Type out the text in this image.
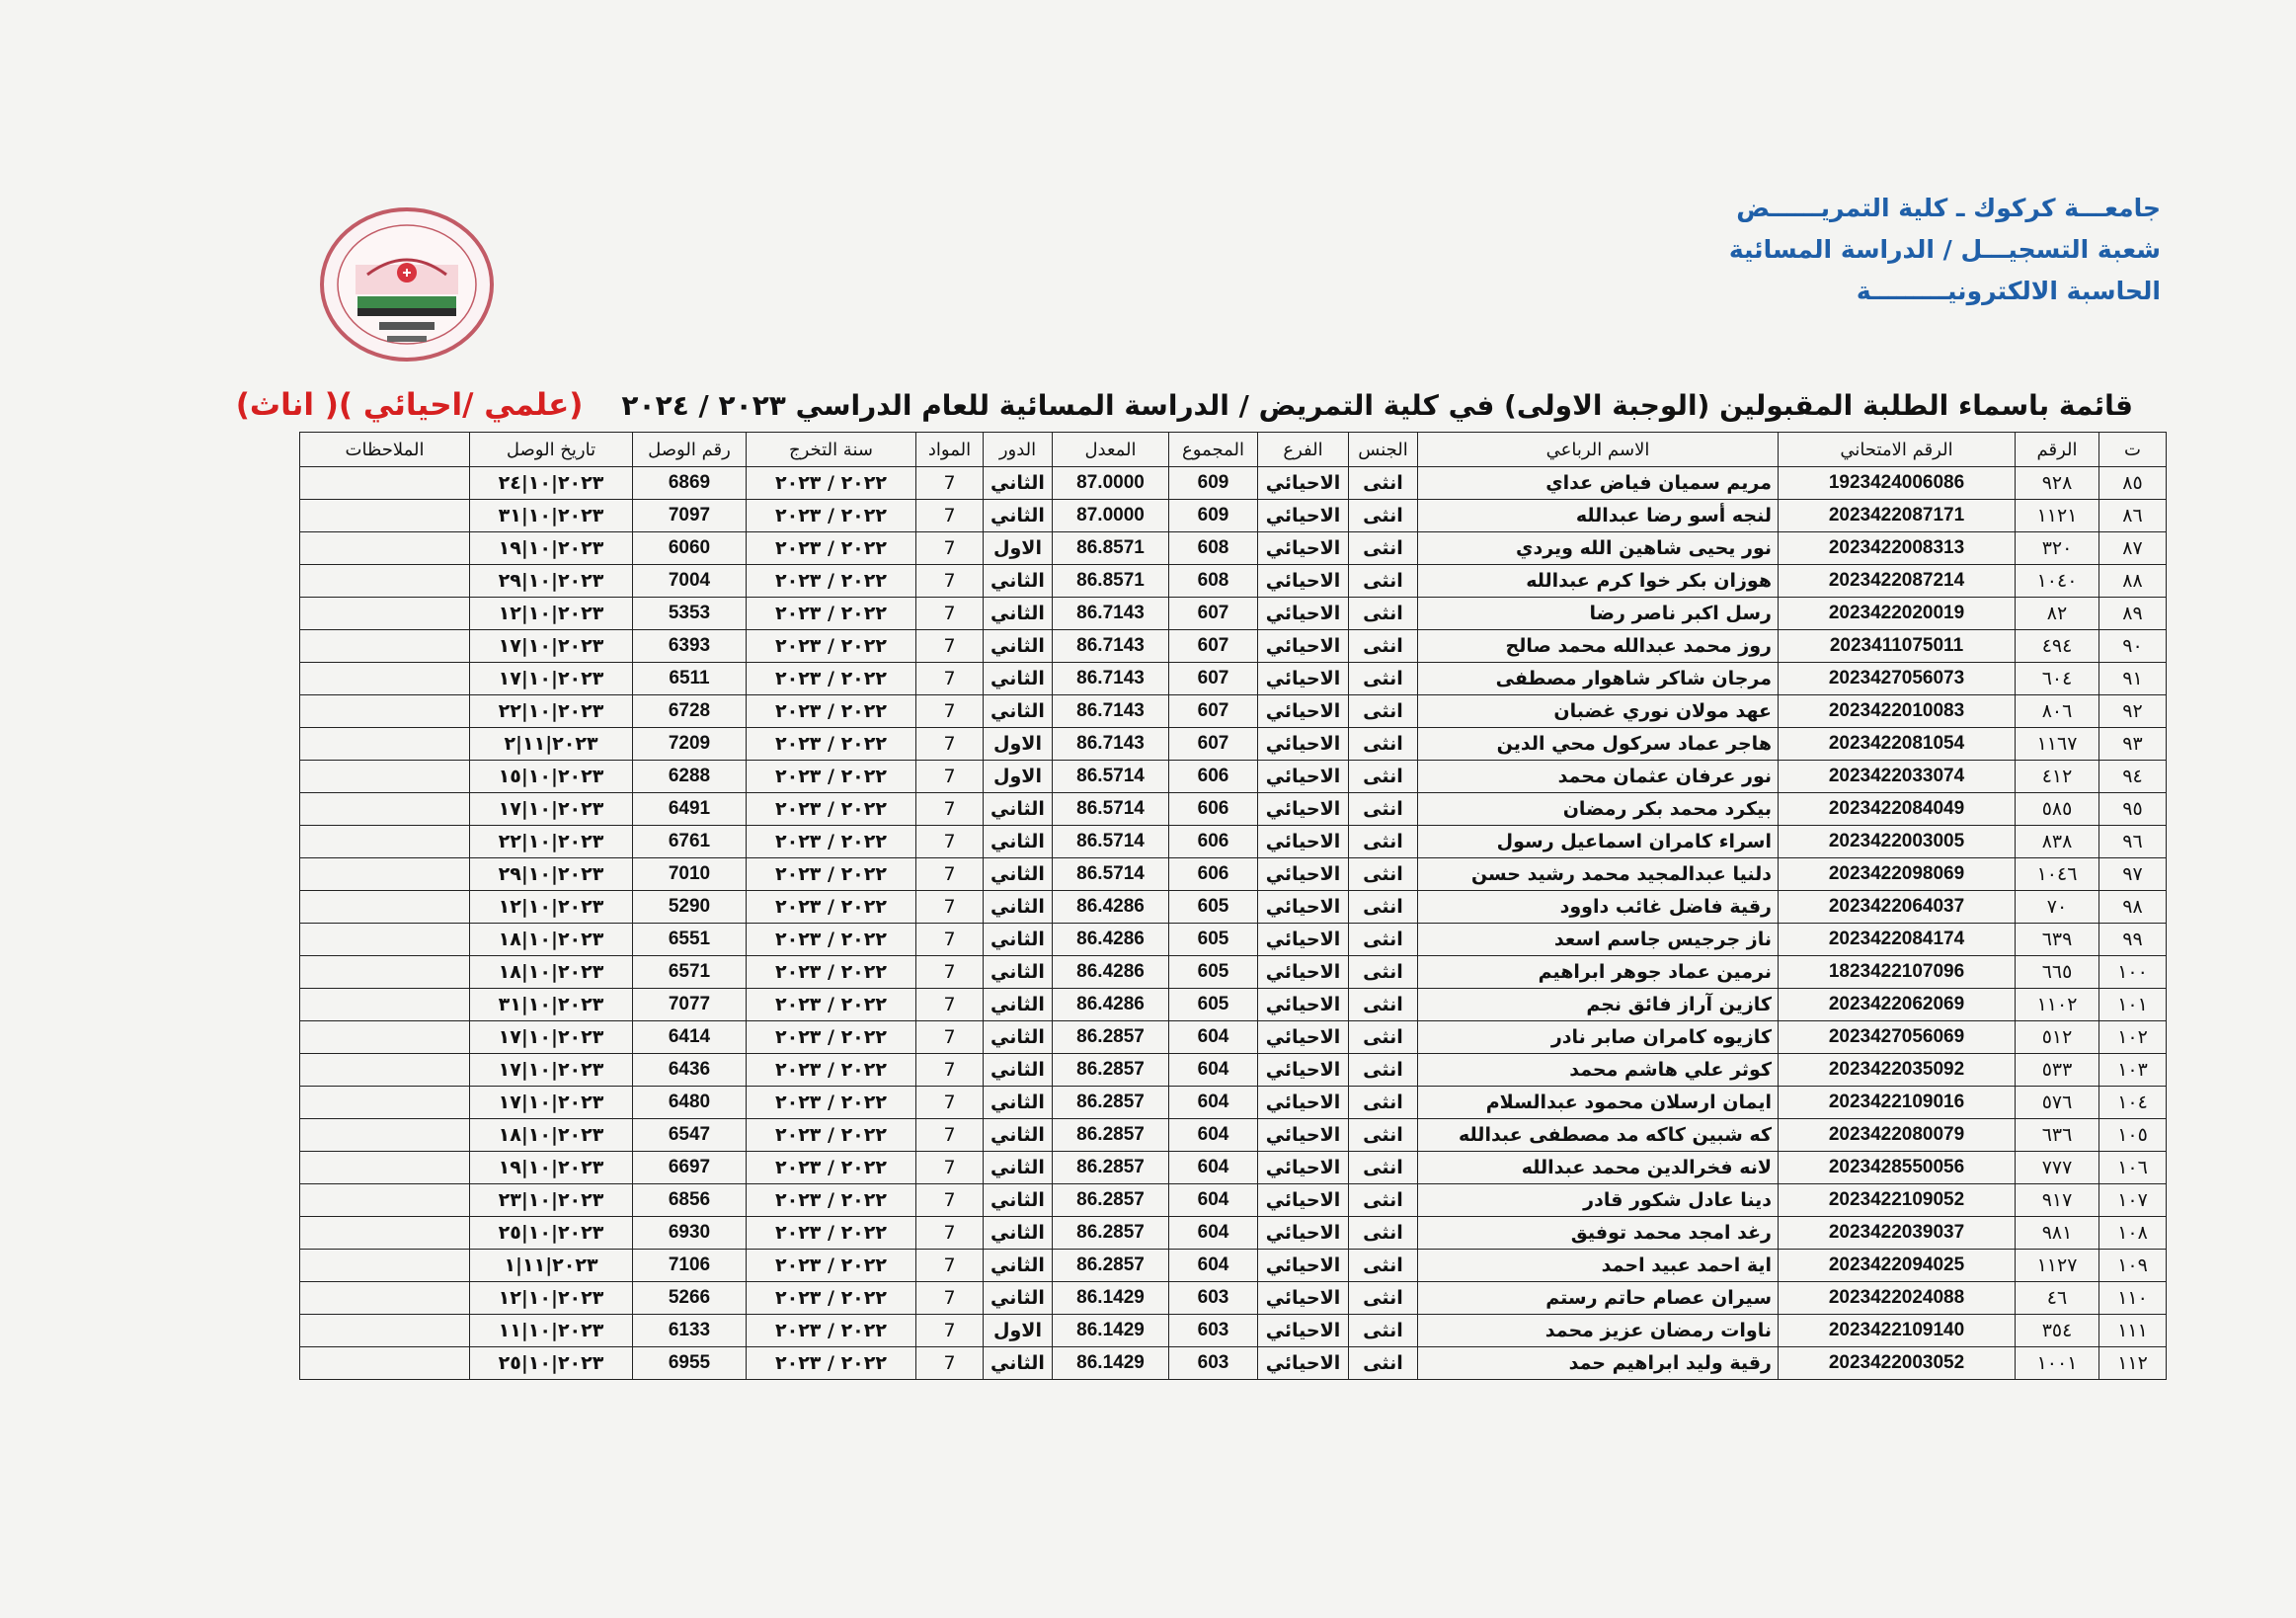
جامعـــة كركوك ـ كلية التمريــــــض
شعبة التسجيـــل / الدراسة المسائية
الحاسبة الالكترونيـــــــــة
قائمة باسماء الطلبة المقبولين (الوجبة الاولى) في كلية التمريض / الدراسة المسائية للعام الدراسي ٢٠٢٣ / ٢٠٢٤    (علمي /احيائي )( اناث)
ت	الرقم	الرقم الامتحاني	الاسم الرباعي	الجنس	الفرع	المجموع	المعدل	الدور	المواد	سنة التخرج	رقم الوصل	تاريخ الوصل	الملاحظات
٨٥	٩٢٨	1923424006086	مريم سميان فياض عداي	انثى	الاحيائي	609	87.0000	الثاني	7	٢٠٢٢ / ٢٠٢٣	6869	٢٠٢٣|١٠|٢٤	
٨٦	١١٢١	2023422087171	لنجه أسو رضا عبدالله	انثى	الاحيائي	609	87.0000	الثاني	7	٢٠٢٢ / ٢٠٢٣	7097	٢٠٢٣|١٠|٣١	
٨٧	٣٢٠	2023422008313	نور يحيى شاهين الله ويردي	انثى	الاحيائي	608	86.8571	الاول	7	٢٠٢٢ / ٢٠٢٣	6060	٢٠٢٣|١٠|١٩	
٨٨	١٠٤٠	2023422087214	هوزان بكر خوا كرم عبدالله	انثى	الاحيائي	608	86.8571	الثاني	7	٢٠٢٢ / ٢٠٢٣	7004	٢٠٢٣|١٠|٢٩	
٨٩	٨٢	2023422020019	رسل اكبر ناصر رضا	انثى	الاحيائي	607	86.7143	الثاني	7	٢٠٢٢ / ٢٠٢٣	5353	٢٠٢٣|١٠|١٢	
٩٠	٤٩٤	2023411075011	روز محمد عبدالله محمد صالح	انثى	الاحيائي	607	86.7143	الثاني	7	٢٠٢٢ / ٢٠٢٣	6393	٢٠٢٣|١٠|١٧	
٩١	٦٠٤	2023427056073	مرجان شاكر شاهوار مصطفى	انثى	الاحيائي	607	86.7143	الثاني	7	٢٠٢٢ / ٢٠٢٣	6511	٢٠٢٣|١٠|١٧	
٩٢	٨٠٦	2023422010083	عهد مولان نوري غضبان	انثى	الاحيائي	607	86.7143	الثاني	7	٢٠٢٢ / ٢٠٢٣	6728	٢٠٢٣|١٠|٢٢	
٩٣	١١٦٧	2023422081054	هاجر عماد سركول محي الدين	انثى	الاحيائي	607	86.7143	الاول	7	٢٠٢٢ / ٢٠٢٣	7209	٢٠٢٣|١١|٢	
٩٤	٤١٢	2023422033074	نور عرفان عثمان محمد	انثى	الاحيائي	606	86.5714	الاول	7	٢٠٢٢ / ٢٠٢٣	6288	٢٠٢٣|١٠|١٥	
٩٥	٥٨٥	2023422084049	بيكرد محمد بكر رمضان	انثى	الاحيائي	606	86.5714	الثاني	7	٢٠٢٢ / ٢٠٢٣	6491	٢٠٢٣|١٠|١٧	
٩٦	٨٣٨	2023422003005	اسراء كامران اسماعيل رسول	انثى	الاحيائي	606	86.5714	الثاني	7	٢٠٢٢ / ٢٠٢٣	6761	٢٠٢٣|١٠|٢٢	
٩٧	١٠٤٦	2023422098069	دلنيا عبدالمجيد محمد رشيد حسن	انثى	الاحيائي	606	86.5714	الثاني	7	٢٠٢٢ / ٢٠٢٣	7010	٢٠٢٣|١٠|٢٩	
٩٨	٧٠	2023422064037	رقية فاضل غائب داوود	انثى	الاحيائي	605	86.4286	الثاني	7	٢٠٢٢ / ٢٠٢٣	5290	٢٠٢٣|١٠|١٢	
٩٩	٦٣٩	2023422084174	ناز جرجيس جاسم اسعد	انثى	الاحيائي	605	86.4286	الثاني	7	٢٠٢٢ / ٢٠٢٣	6551	٢٠٢٣|١٠|١٨	
١٠٠	٦٦٥	1823422107096	نرمين عماد جوهر ابراهيم	انثى	الاحيائي	605	86.4286	الثاني	7	٢٠٢٢ / ٢٠٢٣	6571	٢٠٢٣|١٠|١٨	
١٠١	١١٠٢	2023422062069	كازين آراز فائق نجم	انثى	الاحيائي	605	86.4286	الثاني	7	٢٠٢٢ / ٢٠٢٣	7077	٢٠٢٣|١٠|٣١	
١٠٢	٥١٢	2023427056069	كازيوه كامران صابر نادر	انثى	الاحيائي	604	86.2857	الثاني	7	٢٠٢٢ / ٢٠٢٣	6414	٢٠٢٣|١٠|١٧	
١٠٣	٥٣٣	2023422035092	كوثر علي هاشم محمد	انثى	الاحيائي	604	86.2857	الثاني	7	٢٠٢٢ / ٢٠٢٣	6436	٢٠٢٣|١٠|١٧	
١٠٤	٥٧٦	2023422109016	ايمان ارسلان محمود عبدالسلام	انثى	الاحيائي	604	86.2857	الثاني	7	٢٠٢٢ / ٢٠٢٣	6480	٢٠٢٣|١٠|١٧	
١٠٥	٦٣٦	2023422080079	كه شبين كاكه مد مصطفى عبدالله	انثى	الاحيائي	604	86.2857	الثاني	7	٢٠٢٢ / ٢٠٢٣	6547	٢٠٢٣|١٠|١٨	
١٠٦	٧٧٧	2023428550056	لانه فخرالدين محمد عبدالله	انثى	الاحيائي	604	86.2857	الثاني	7	٢٠٢٢ / ٢٠٢٣	6697	٢٠٢٣|١٠|١٩	
١٠٧	٩١٧	2023422109052	دينا عادل شكور قادر	انثى	الاحيائي	604	86.2857	الثاني	7	٢٠٢٢ / ٢٠٢٣	6856	٢٠٢٣|١٠|٢٣	
١٠٨	٩٨١	2023422039037	رغد امجد محمد توفيق	انثى	الاحيائي	604	86.2857	الثاني	7	٢٠٢٢ / ٢٠٢٣	6930	٢٠٢٣|١٠|٢٥	
١٠٩	١١٢٧	2023422094025	اية احمد عبيد احمد	انثى	الاحيائي	604	86.2857	الثاني	7	٢٠٢٢ / ٢٠٢٣	7106	٢٠٢٣|١١|١	
١١٠	٤٦	2023422024088	سيران عصام حاتم رستم	انثى	الاحيائي	603	86.1429	الثاني	7	٢٠٢٢ / ٢٠٢٣	5266	٢٠٢٣|١٠|١٢	
١١١	٣٥٤	2023422109140	ناوات رمضان عزيز محمد	انثى	الاحيائي	603	86.1429	الاول	7	٢٠٢٢ / ٢٠٢٣	6133	٢٠٢٣|١٠|١١	
١١٢	١٠٠١	2023422003052	رقية وليد ابراهيم حمد	انثى	الاحيائي	603	86.1429	الثاني	7	٢٠٢٢ / ٢٠٢٣	6955	٢٠٢٣|١٠|٢٥	
